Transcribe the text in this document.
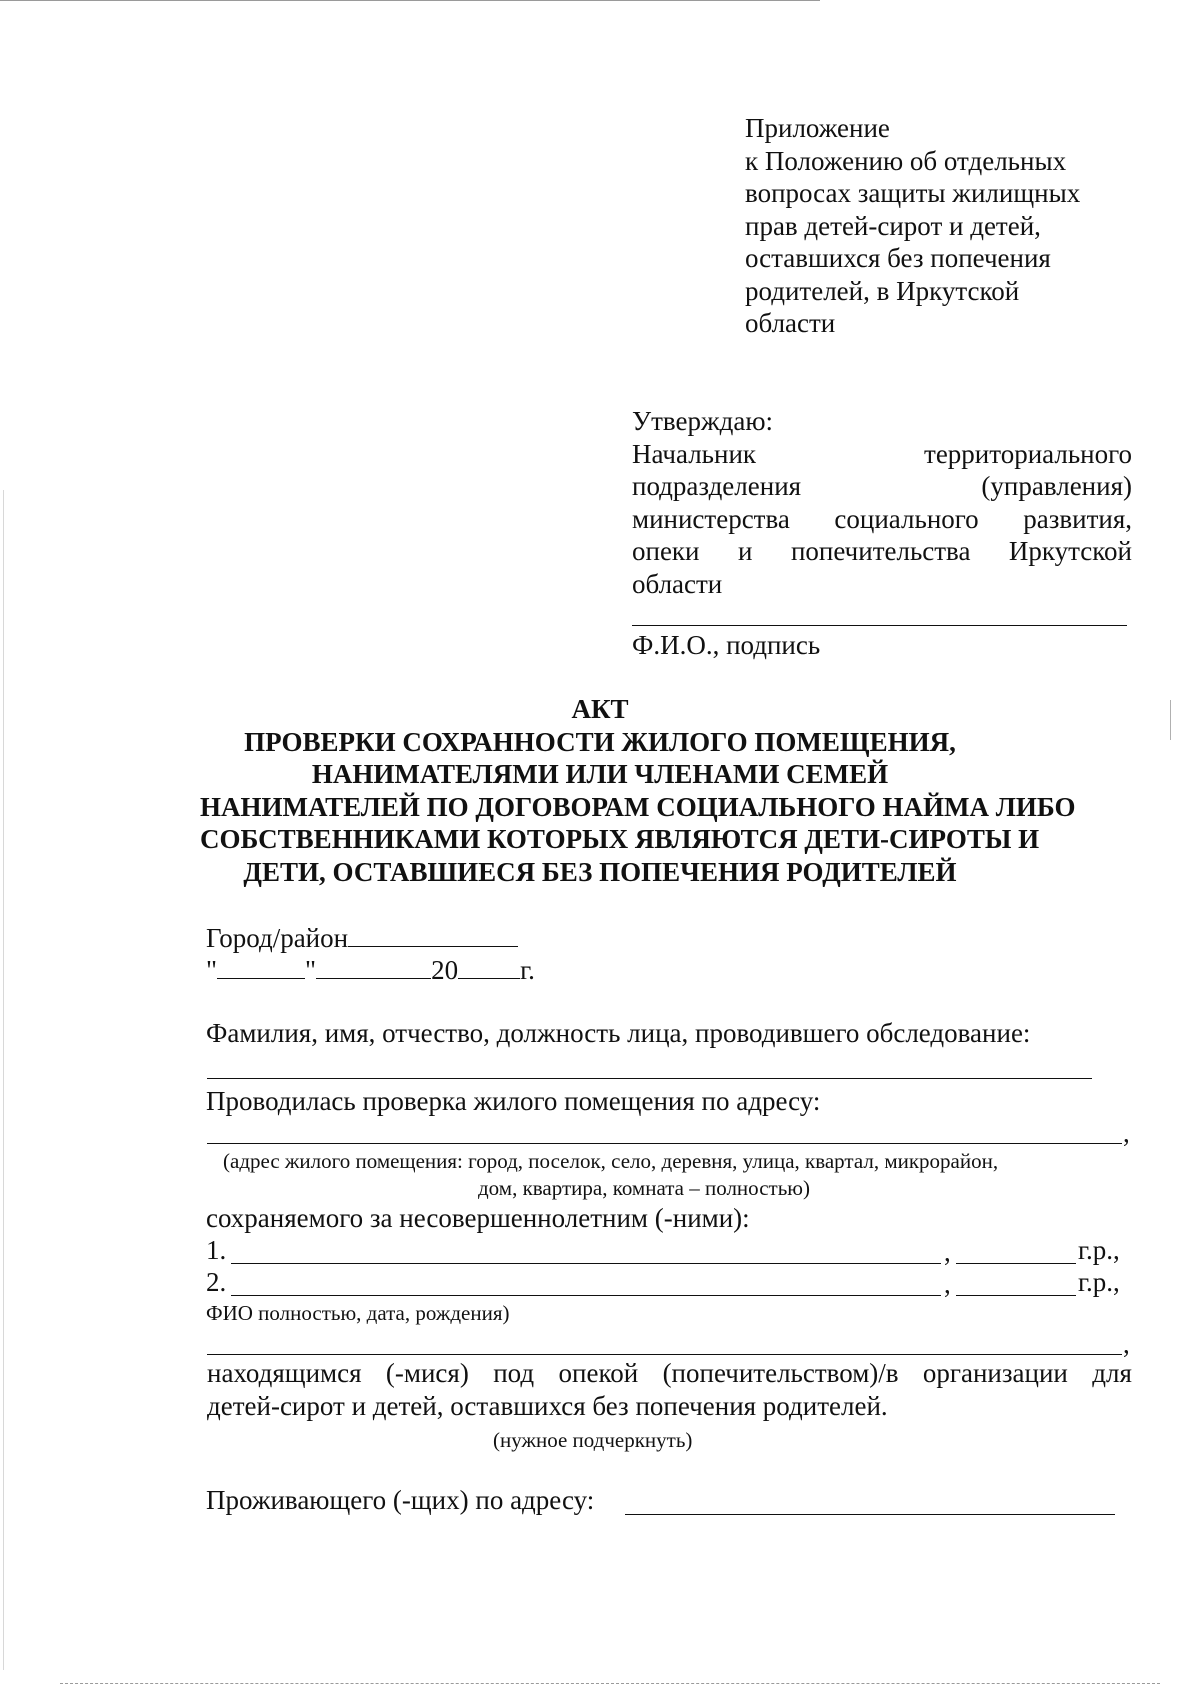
Приложение
к Положению об отдельных
вопросах защиты жилищных
прав детей-сирот и детей,
оставшихся без попечения
родителей, в Иркутской
области
Утверждаю:
Начальник	территориального
подразделения	(управления)
министерства социального развития,
опеки и попечительства Иркутской
области
Ф.И.О., подпись
АКТ
ПРОВЕРКИ СОХРАННОСТИ ЖИЛОГО ПОМЕЩЕНИЯ,
НАНИМАТЕЛЯМИ ИЛИ ЧЛЕНАМИ СЕМЕЙ
НАНИМАТЕЛЕЙ ПО ДОГОВОРАМ СОЦИАЛЬНОГО НАЙМА ЛИБО
СОБСТВЕННИКАМИ КОТОРЫХ ЯВЛЯЮТСЯ ДЕТИ-СИРОТЫ И
ДЕТИ, ОСТАВШИЕСЯ БЕЗ ПОПЕЧЕНИЯ РОДИТЕЛЕЙ
Город/район
"	"	20 г.
Фамилия, имя, отчество, должность лица, проводившего обследование:
Проводилась проверка жилого помещения по адресу:
,
(адрес жилого помещения: город, поселок, село, деревня, улица, квартал, микрорайон,
дом, квартира, комната – полностью)
сохраняемого за несовершеннолетним (-ними):
1.	,	г.р.,
2.	,	г.р.,
ФИО полностью, дата, рождения)
,
находящимся (-мися) под опекой (попечительством)/в организации для
детей-сирот и детей, оставшихся без попечения родителей.
(нужное подчеркнуть)
Проживающего (-щих) по адресу:
